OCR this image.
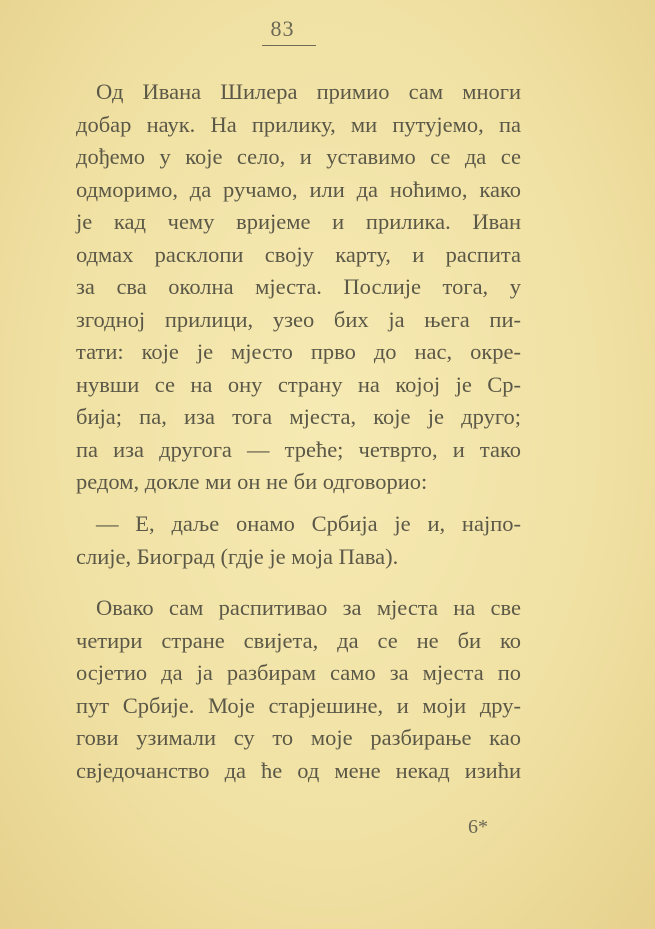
83
Од Ивана Шилера примио сам многи
добар наук. На прилику, ми путујемо, па
дођемо у које село, и уставимо се да се
одморимо, да ручамо, или да ноћимо, како
је кад чему вријеме и прилика. Иван
одмах расклопи своју карту, и распита
за сва околна мјеста. Послије тога, у
згодној прилици, узео бих ја њега пи-
тати: које је мјесто прво до нас, окре-
нувши се на ону страну на којој је Ср-
бија; па, иза тога мјеста, које је друго;
па иза другога — треће; четврто, и тако
редом, докле ми он не би одговорио:
— Е, даље онамо Србија је и, најпо-
слије, Биоград (гдје је моја Пава).
Овако сам распитивао за мјеста на све
четири стране свијета, да се не би ко
осјетио да ја разбирам само за мјеста по
пут Србије. Моје старјешине, и моји дру-
гови узимали су то моје разбирање као
свједочанство да ће од мене некад изићи
6*
